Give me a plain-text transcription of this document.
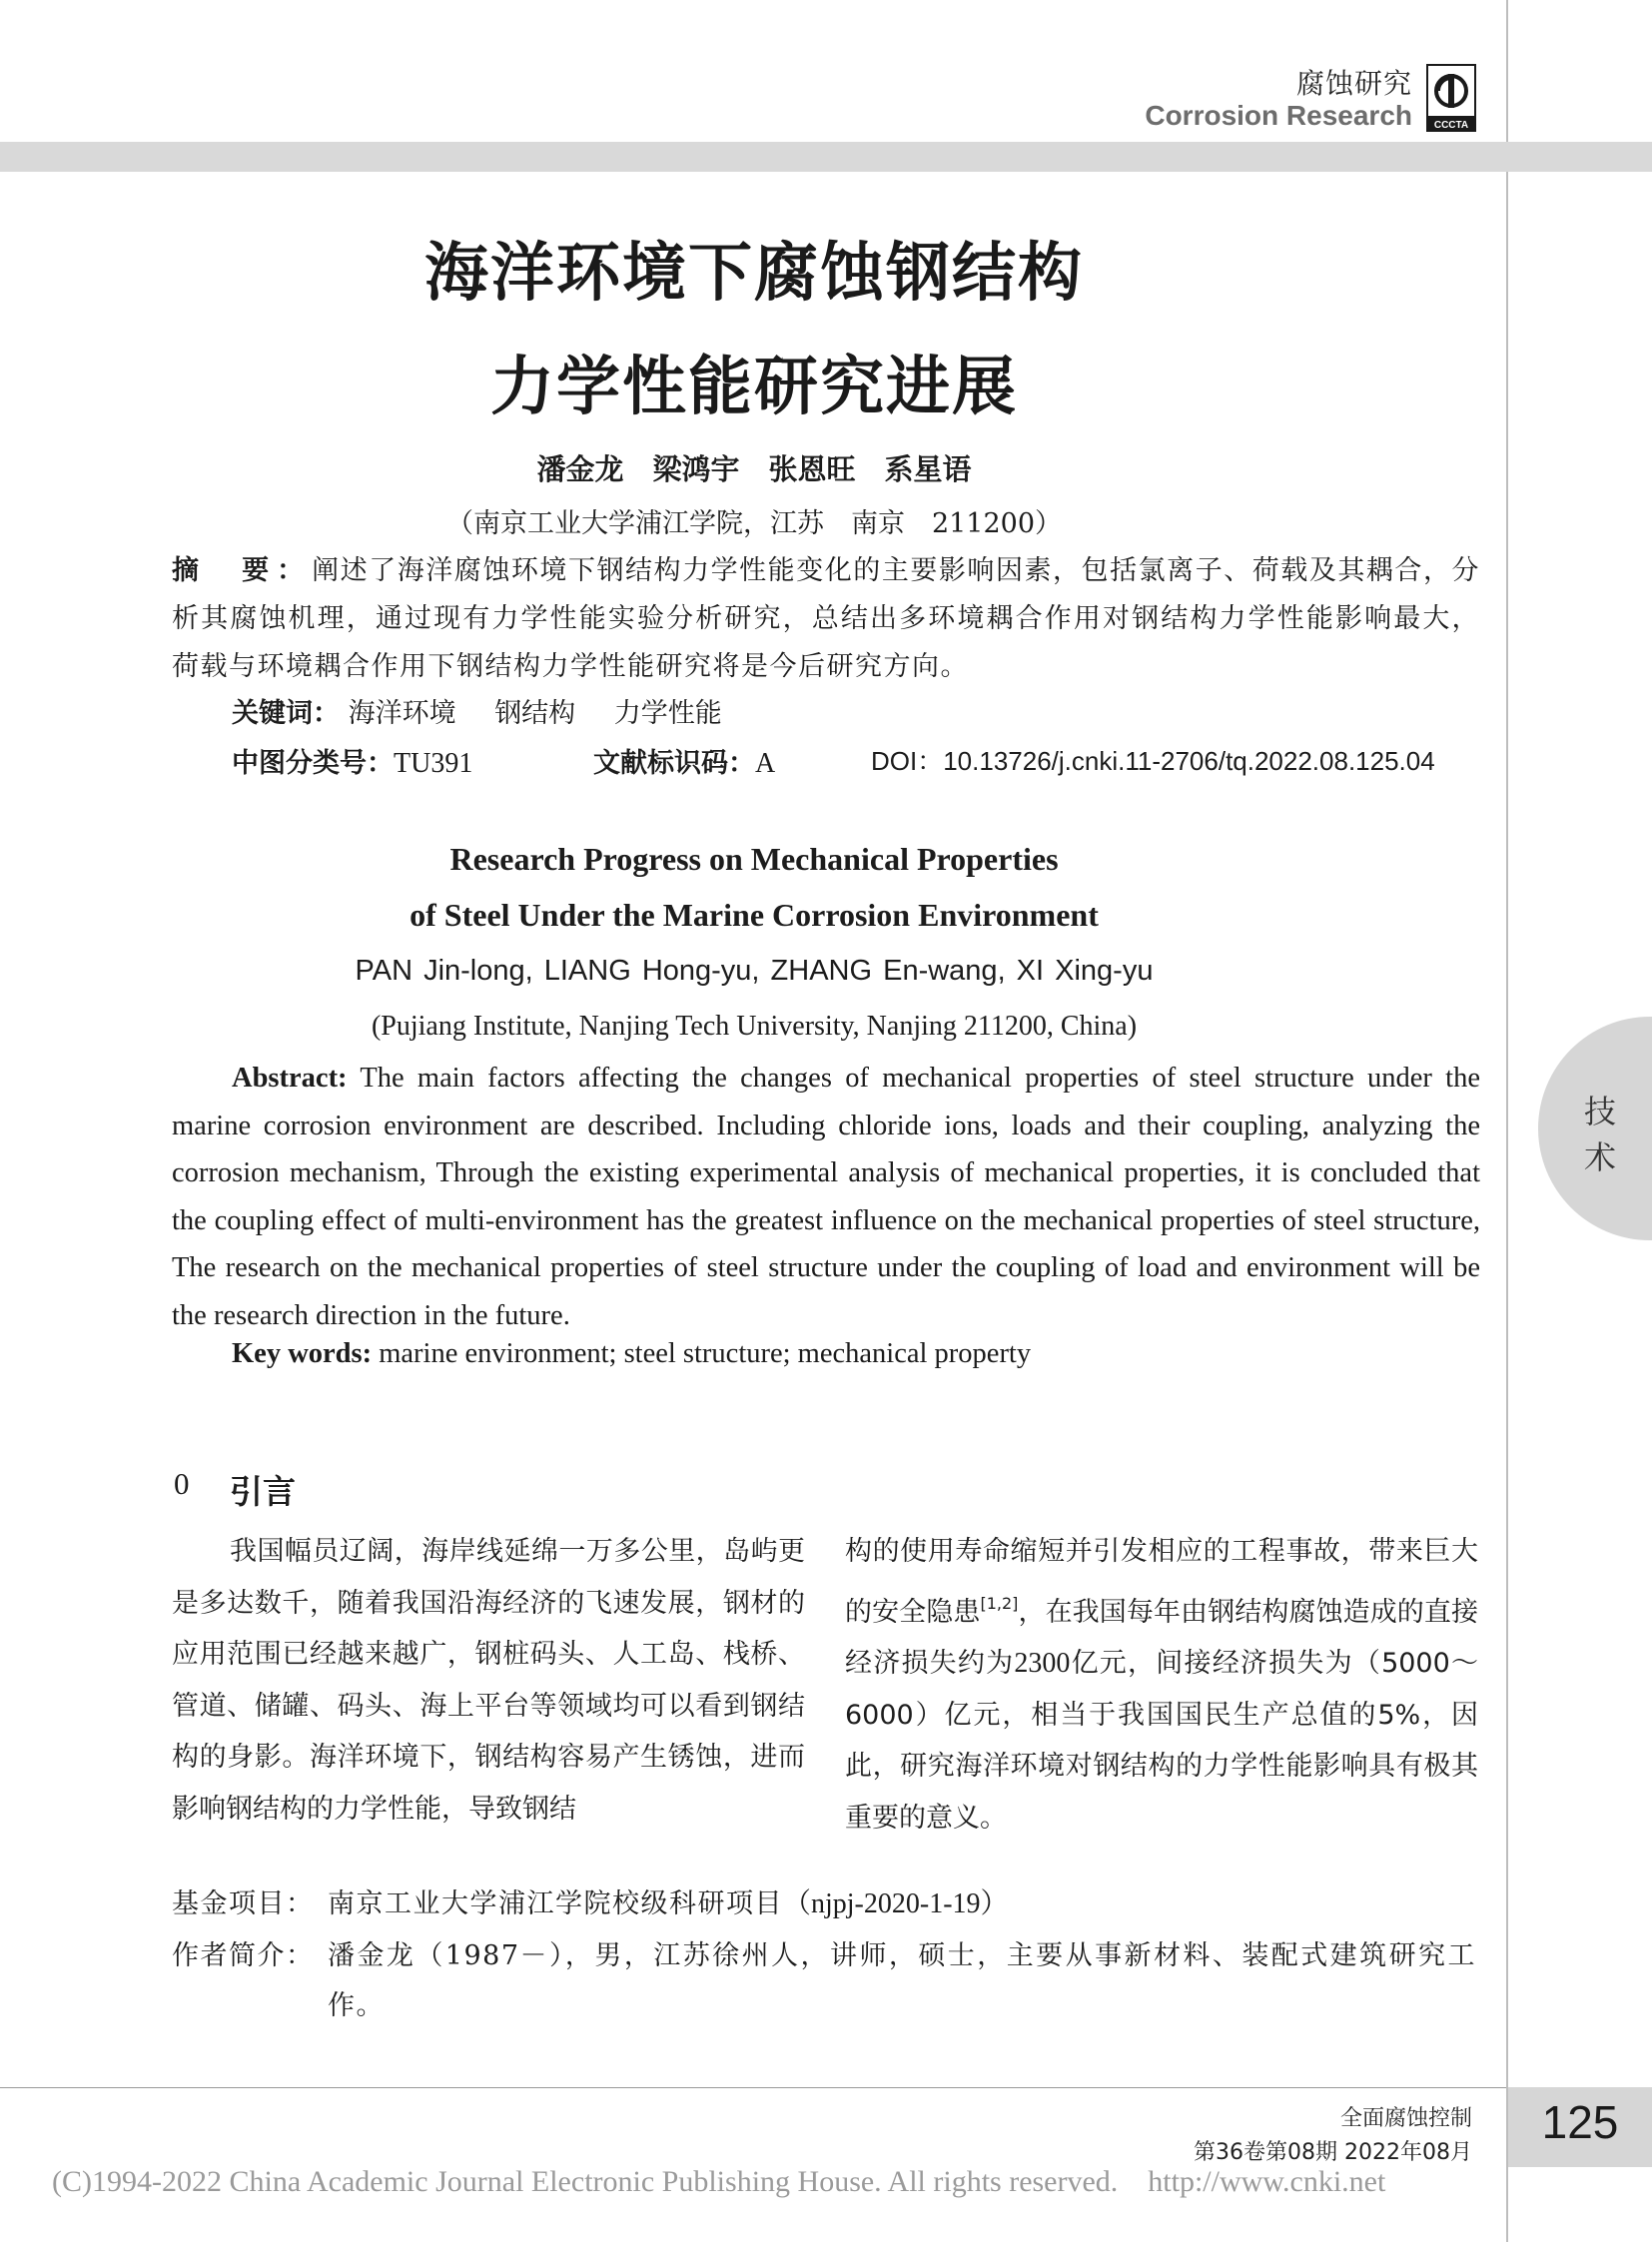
腐蚀研究
Corrosion Research CCCTA
技
术
海洋环境下腐蚀钢结构
力学性能研究进展
潘金龙　梁鸿宇　张恩旺　系星语
（南京工业大学浦江学院，江苏　南京　211200）
摘　要：阐述了海洋腐蚀环境下钢结构力学性能变化的主要影响因素，包括氯离子、荷载及其耦合，分析其腐蚀机理，通过现有力学性能实验分析研究，总结出多环境耦合作用对钢结构力学性能影响最大，荷载与环境耦合作用下钢结构力学性能研究将是今后研究方向。
关键词： 海洋环境 钢结构 力学性能
中图分类号：TU391	文献标识码：A	DOI：10.13726/j.cnki.11-2706/tq.2022.08.125.04
Research Progress on Mechanical Properties
of Steel Under the Marine Corrosion Environment
PAN Jin-long, LIANG Hong-yu, ZHANG En-wang, XI Xing-yu
(Pujiang Institute, Nanjing Tech University, Nanjing 211200, China)
Abstract: The main factors affecting the changes of mechanical properties of steel structure under the marine corrosion environment are described. Including chloride ions, loads and their coupling, analyzing the corrosion mechanism, Through the existing experimental analysis of mechanical properties, it is concluded that the coupling effect of multi-environment has the greatest influence on the mechanical properties of steel structure, The research on the mechanical properties of steel structure under the coupling of load and environment will be the research direction in the future.
Key words: marine environment; steel structure; mechanical property
0 引言
我国幅员辽阔，海岸线延绵一万多公里，岛屿更是多达数千，随着我国沿海经济的飞速发展，钢材的应用范围已经越来越广，钢桩码头、人工岛、栈桥、管道、储罐、码头、海上平台等领域均可以看到钢结构的身影。海洋环境下，钢结构容易产生锈蚀，进而影响钢结构的力学性能，导致钢结
构的使用寿命缩短并引发相应的工程事故，带来巨大的安全隐患[1,2]，在我国每年由钢结构腐蚀造成的直接经济损失约为2300亿元，间接经济损失为（5000～6000）亿元，相当于我国国民生产总值的5%，因此，研究海洋环境对钢结构的力学性能影响具有极其重要的意义。
基金项目： 南京工业大学浦江学院校级科研项目（njpj-2020-1-19）
作者简介： 潘金龙（1987－），男，江苏徐州人，讲师，硕士，主要从事新材料、装配式建筑研究工作。
全面腐蚀控制
第36卷第08期 2022年08月
125
(C)1994-2022 China Academic Journal Electronic Publishing House. All rights reserved.    http://www.cnki.net
